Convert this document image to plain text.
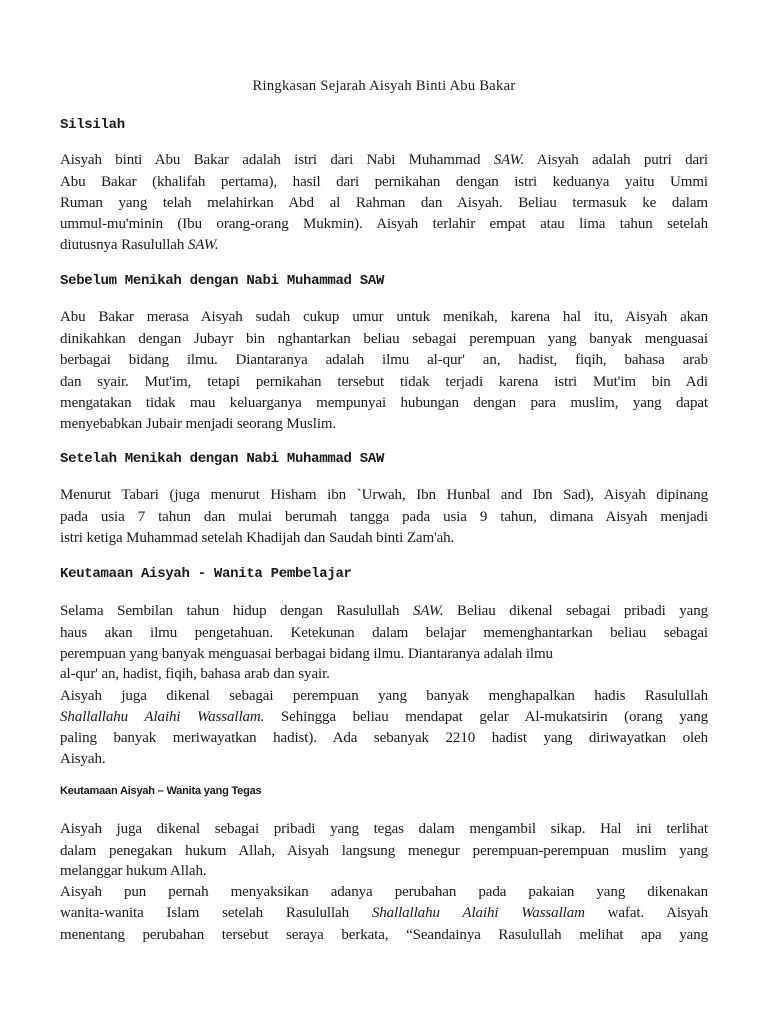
Ringkasan Sejarah Aisyah Binti Abu Bakar
Silsilah
Aisyah binti Abu Bakar adalah istri dari Nabi Muhammad SAW. Aisyah adalah putri dari
Abu Bakar (khalifah pertama), hasil dari pernikahan dengan istri keduanya yaitu Ummi
Ruman yang telah melahirkan Abd al Rahman dan Aisyah. Beliau termasuk ke dalam
ummul-mu'minin (Ibu orang-orang Mukmin). Aisyah terlahir empat atau lima tahun setelah
diutusnya Rasulullah SAW.
Sebelum Menikah dengan Nabi Muhammad SAW
Abu Bakar merasa Aisyah sudah cukup umur untuk menikah, karena hal itu, Aisyah akan
dinikahkan dengan Jubayr bin nghantarkan beliau sebagai perempuan yang banyak menguasai
berbagai bidang ilmu. Diantaranya adalah ilmu al-qur' an, hadist, fiqih, bahasa arab
dan syair. Mut'im, tetapi pernikahan tersebut tidak terjadi karena istri Mut'im bin Adi
mengatakan tidak mau keluarganya mempunyai hubungan dengan para muslim, yang dapat
menyebabkan Jubair menjadi seorang Muslim.
Setelah Menikah dengan Nabi Muhammad SAW
Menurut Tabari (juga menurut Hisham ibn `Urwah, Ibn Hunbal and Ibn Sad), Aisyah dipinang
pada usia 7 tahun dan mulai berumah tangga pada usia 9 tahun, dimana Aisyah menjadi
istri ketiga Muhammad setelah Khadijah dan Saudah binti Zam'ah.
Keutamaan Aisyah - Wanita Pembelajar
Selama Sembilan tahun hidup dengan Rasulullah SAW. Beliau dikenal sebagai pribadi yang
haus akan ilmu pengetahuan. Ketekunan dalam belajar memenghantarkan beliau sebagai
perempuan yang banyak menguasai berbagai bidang ilmu. Diantaranya adalah ilmu
al-qur' an, hadist, fiqih, bahasa arab dan syair.
Aisyah juga dikenal sebagai perempuan yang banyak menghapalkan hadis Rasulullah
Shallallahu Alaihi Wassallam. Sehingga beliau mendapat gelar Al-mukatsirin (orang yang
paling banyak meriwayatkan hadist). Ada sebanyak 2210 hadist yang diriwayatkan oleh
Aisyah.
Keutamaan Aisyah – Wanita yang Tegas
Aisyah juga dikenal sebagai pribadi yang tegas dalam mengambil sikap. Hal ini terlihat
dalam penegakan hukum Allah, Aisyah langsung menegur perempuan-perempuan muslim yang
melanggar hukum Allah.
Aisyah pun pernah menyaksikan adanya perubahan pada pakaian yang dikenakan
wanita-wanita Islam setelah Rasulullah Shallallahu Alaihi Wassallam wafat. Aisyah
menentang perubahan tersebut seraya berkata, “Seandainya Rasulullah melihat apa yang
